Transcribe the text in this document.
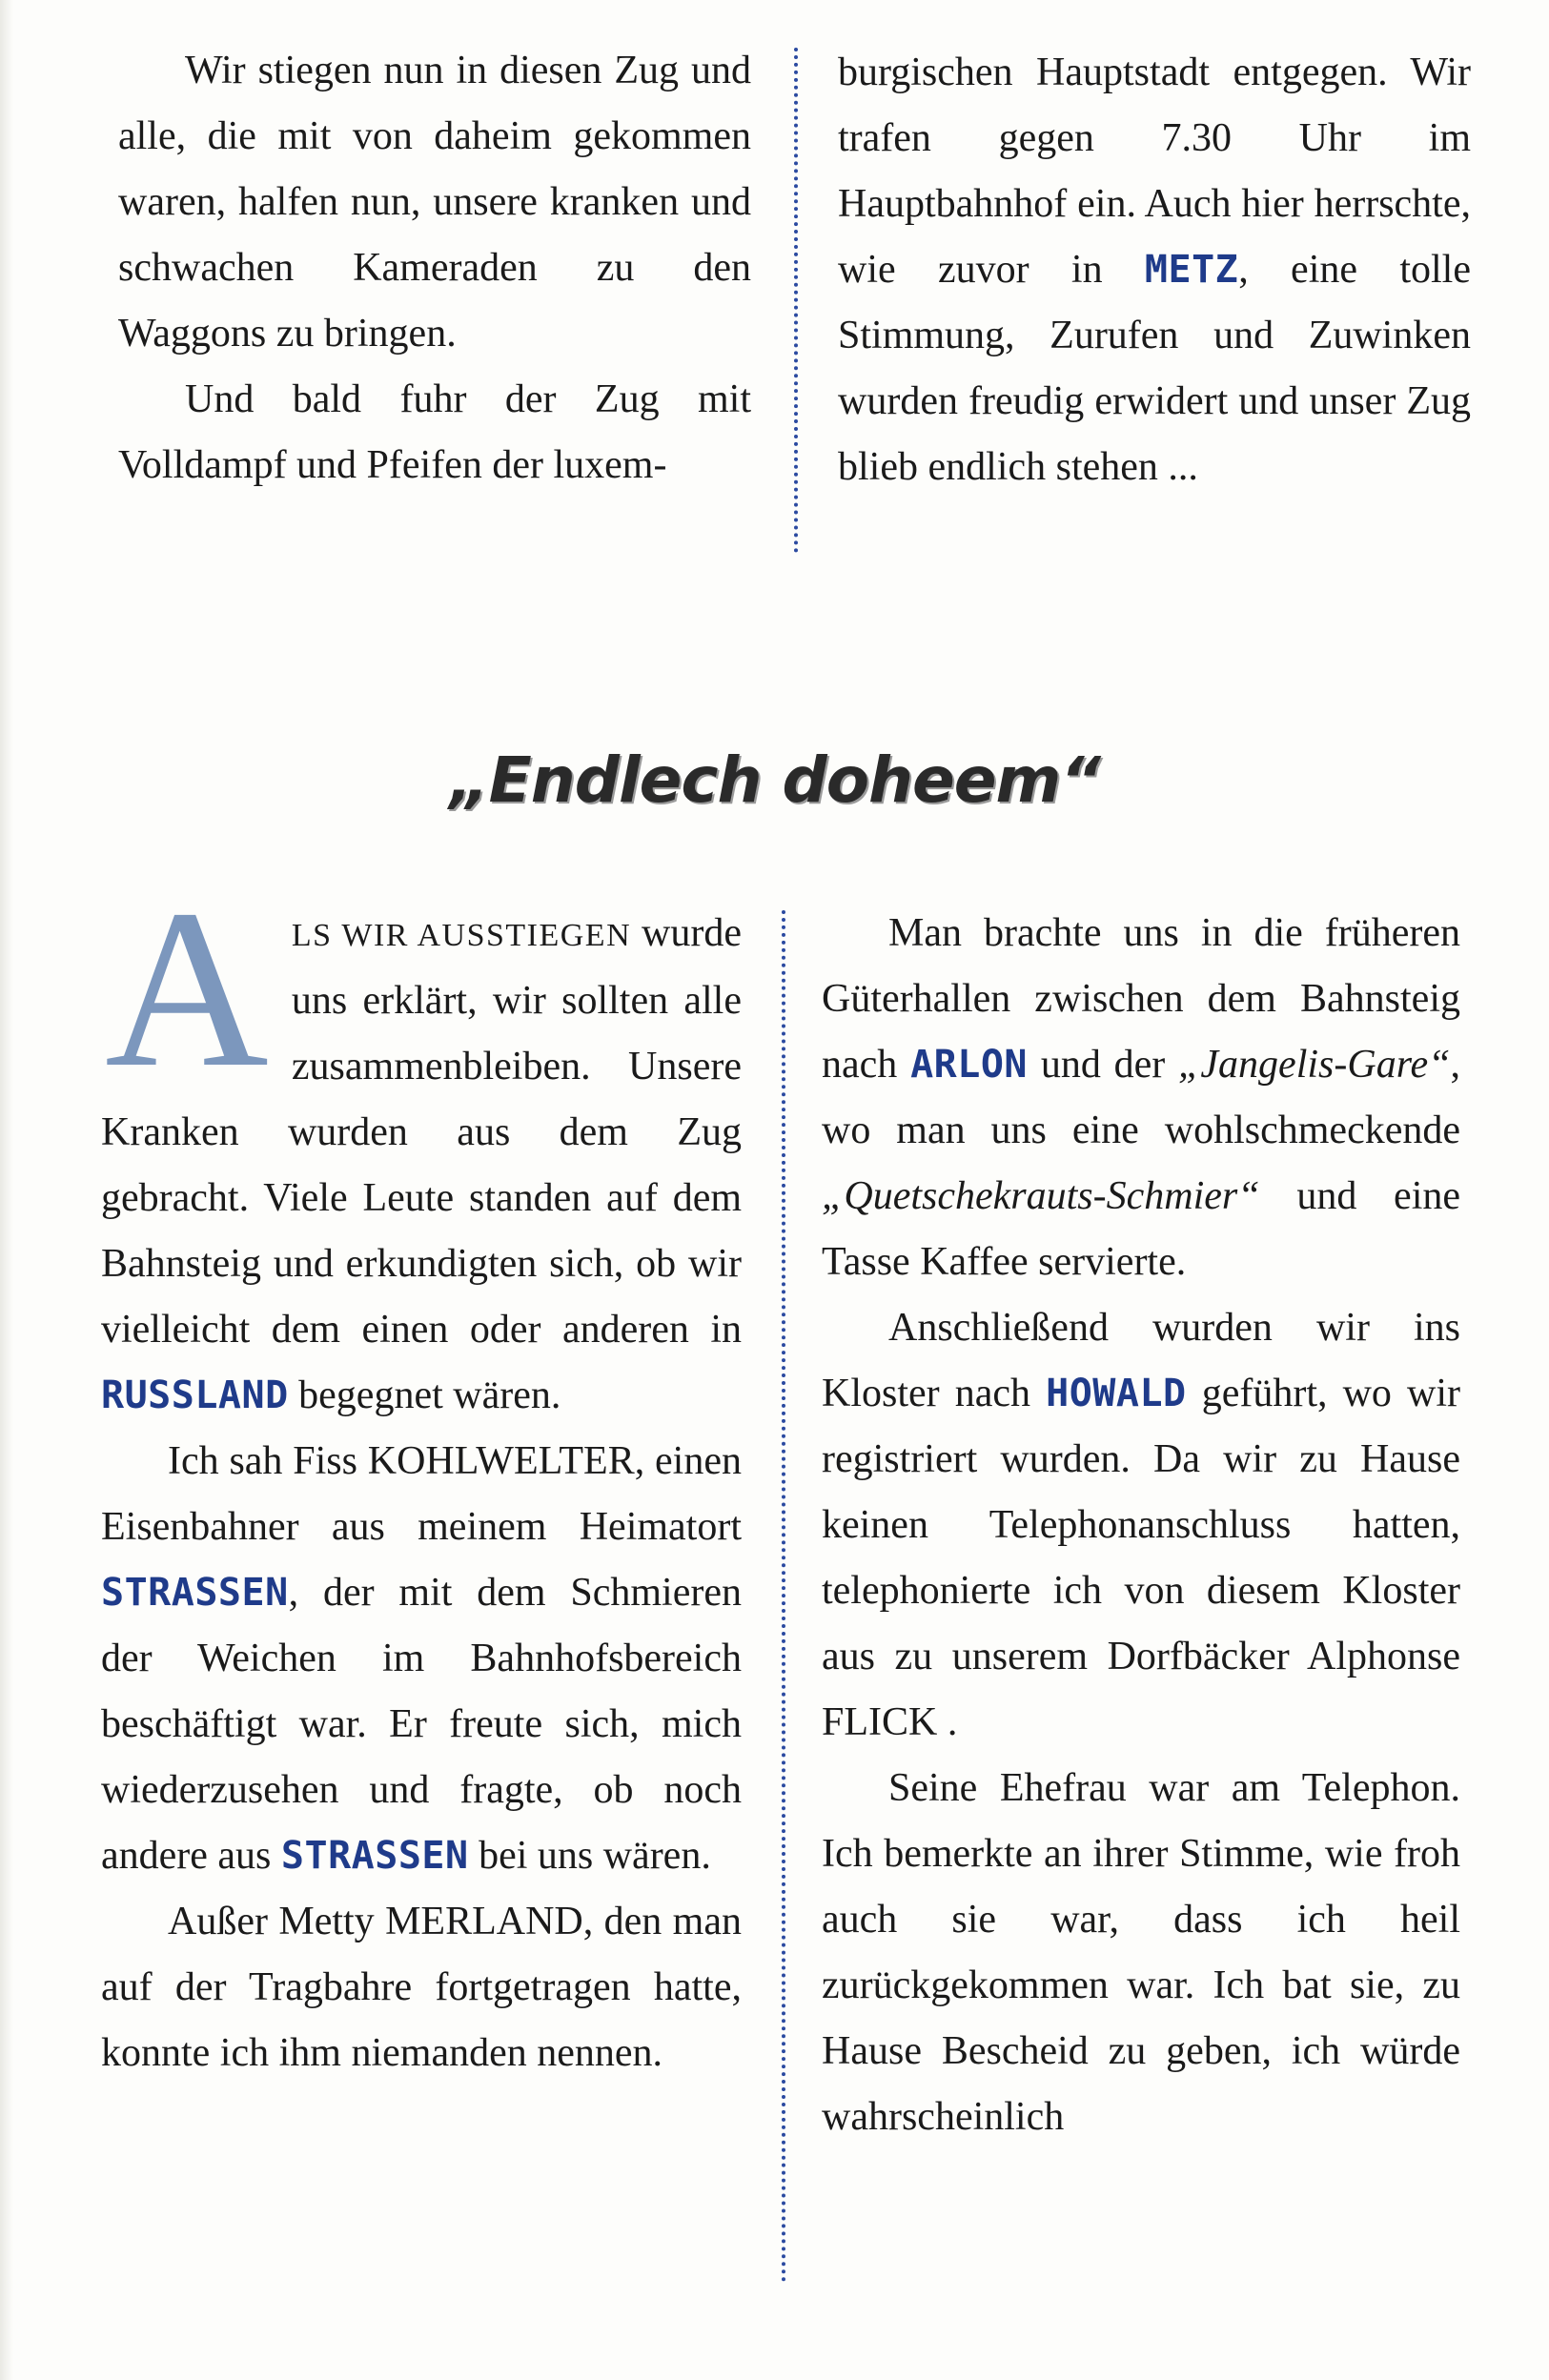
Wir stiegen nun in diesen Zug und alle, die mit von daheim gekommen waren, halfen nun, unsere kranken und schwachen Kameraden zu den Waggons zu bringen.

Und bald fuhr der Zug mit Volldampf und Pfeifen der luxem-

burgischen Hauptstadt entgegen. Wir trafen gegen 7.30 Uhr im Hauptbahnhof ein. Auch hier herrschte, wie zuvor in METZ, eine tolle Stimmung, Zurufen und Zuwinken wurden freudig erwidert und unser Zug blieb endlich stehen ...

„Endlech doheem“

ALS WIR AUSSTIEGEN wurde uns erklärt, wir sollten alle zusammenbleiben. Unsere Kranken wurden aus dem Zug gebracht. Viele Leute standen auf dem Bahnsteig und erkundigten sich, ob wir vielleicht dem einen oder anderen in RUSSLAND begegnet wären.

Ich sah Fiss KOHLWELTER, einen Eisenbahner aus meinem Heimatort STRASSEN, der mit dem Schmieren der Weichen im Bahnhofsbereich beschäftigt war. Er freute sich, mich wiederzusehen und fragte, ob noch andere aus STRASSEN bei uns wären.

Außer Metty MERLAND, den man auf der Tragbahre fortgetragen hatte, konnte ich ihm niemanden nennen.

Man brachte uns in die früheren Güterhallen zwischen dem Bahnsteig nach ARLON und der „Jangelis-Gare“, wo man uns eine wohlschmeckende „Quetschekrauts-Schmier“ und eine Tasse Kaffee servierte.

Anschließend wurden wir ins Kloster nach HOWALD geführt, wo wir registriert wurden. Da wir zu Hause keinen Telephonanschluss hatten, telephonierte ich von diesem Kloster aus zu unserem Dorfbäcker Alphonse FLICK .

Seine Ehefrau war am Telephon. Ich bemerkte an ihrer Stimme, wie froh auch sie war, dass ich heil zurückgekommen war. Ich bat sie, zu Hause Bescheid zu geben, ich würde wahrscheinlich
